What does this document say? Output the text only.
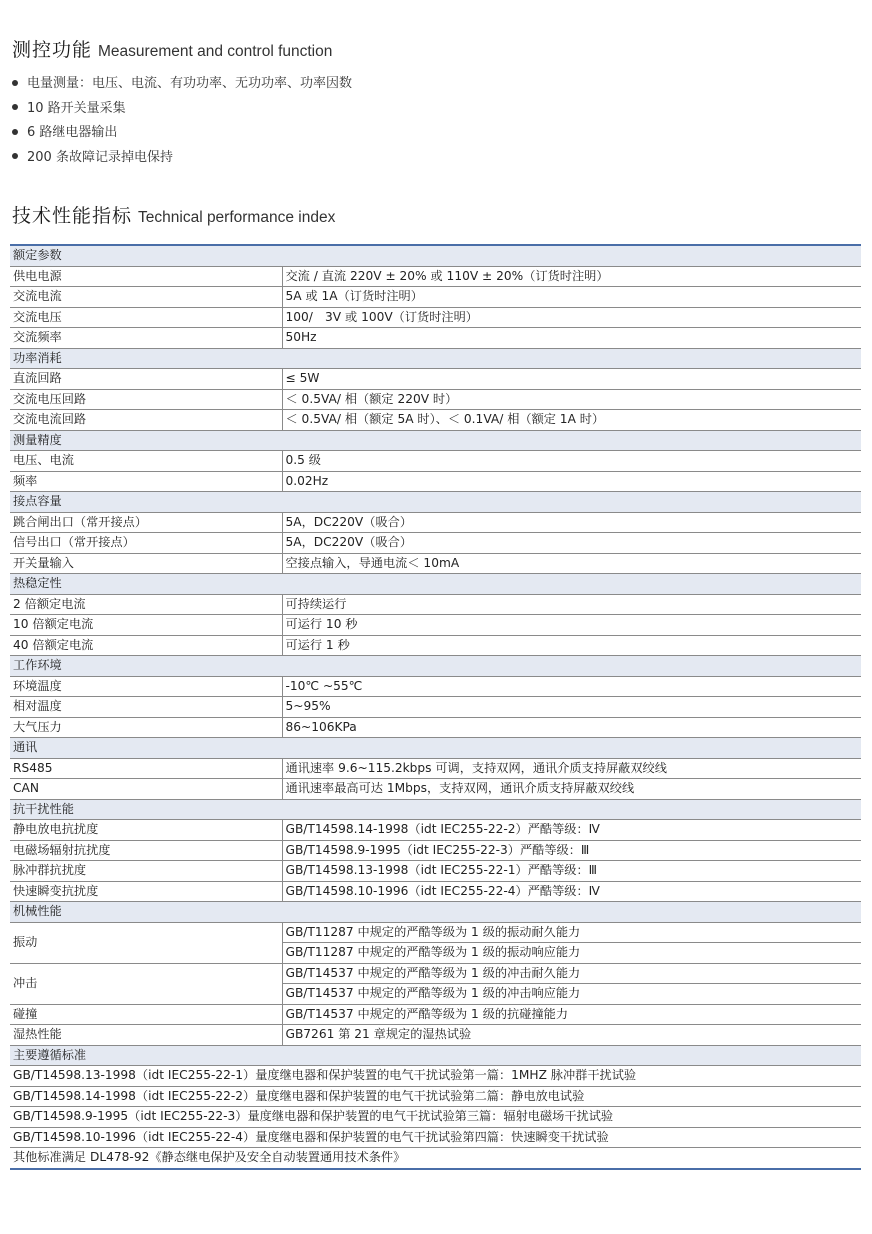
测控功能 Measurement and control function
电量测量：电压、电流、有功功率、无功功率、功率因数
10 路开关量采集
6 路继电器输出
200 条故障记录掉电保持
技术性能指标 Technical performance index
额定参数	
供电电源	交流 / 直流 220V ± 20% 或 110V ± 20%（订货时注明）
交流电流	5A 或 1A（订货时注明）
交流电压	100/　3V 或 100V（订货时注明）
交流频率	50Hz
功率消耗	
直流回路	≤ 5W
交流电压回路	＜ 0.5VA/ 相（额定 220V 时）
交流电流回路	＜ 0.5VA/ 相（额定 5A 时）、＜ 0.1VA/ 相（额定 1A 时）
测量精度	
电压、电流	0.5 级
频率	0.02Hz
接点容量	
跳合闸出口（常开接点）	5A，DC220V（吸合）
信号出口（常开接点）	5A，DC220V（吸合）
开关量输入	空接点输入，导通电流＜ 10mA
热稳定性	
2 倍额定电流	可持续运行
10 倍额定电流	可运行 10 秒
40 倍额定电流	可运行 1 秒
工作环境	
环境温度	-10℃ ~55℃
相对温度	5~95%
大气压力	86~106KPa
通讯	
RS485	通讯速率 9.6~115.2kbps 可调，支持双网，通讯介质支持屏蔽双绞线
CAN	通讯速率最高可达 1Mbps，支持双网，通讯介质支持屏蔽双绞线
抗干扰性能	
静电放电抗扰度	GB/T14598.14-1998（idt IEC255-22-2）严酷等级：Ⅳ
电磁场辐射抗扰度	GB/T14598.9-1995（idt IEC255-22-3）严酷等级：Ⅲ
脉冲群抗扰度	GB/T14598.13-1998（idt IEC255-22-1）严酷等级：Ⅲ
快速瞬变抗扰度	GB/T14598.10-1996（idt IEC255-22-4）严酷等级：Ⅳ
机械性能	
振动	GB/T11287 中规定的严酷等级为 1 级的振动耐久能力
	GB/T11287 中规定的严酷等级为 1 级的振动响应能力
冲击	GB/T14537 中规定的严酷等级为 1 级的冲击耐久能力
	GB/T14537 中规定的严酷等级为 1 级的冲击响应能力
碰撞	GB/T14537 中规定的严酷等级为 1 级的抗碰撞能力
湿热性能	GB7261 第 21 章规定的湿热试验
主要遵循标准	
GB/T14598.13-1998（idt IEC255-22-1）量度继电器和保护装置的电气干扰试验第一篇：1MHZ 脉冲群干扰试验	
GB/T14598.14-1998（idt IEC255-22-2）量度继电器和保护装置的电气干扰试验第二篇：静电放电试验	
GB/T14598.9-1995（idt IEC255-22-3）量度继电器和保护装置的电气干扰试验第三篇：辐射电磁场干扰试验	
GB/T14598.10-1996（idt IEC255-22-4）量度继电器和保护装置的电气干扰试验第四篇：快速瞬变干扰试验	
其他标准满足 DL478-92《静态继电保护及安全自动装置通用技术条件》	
